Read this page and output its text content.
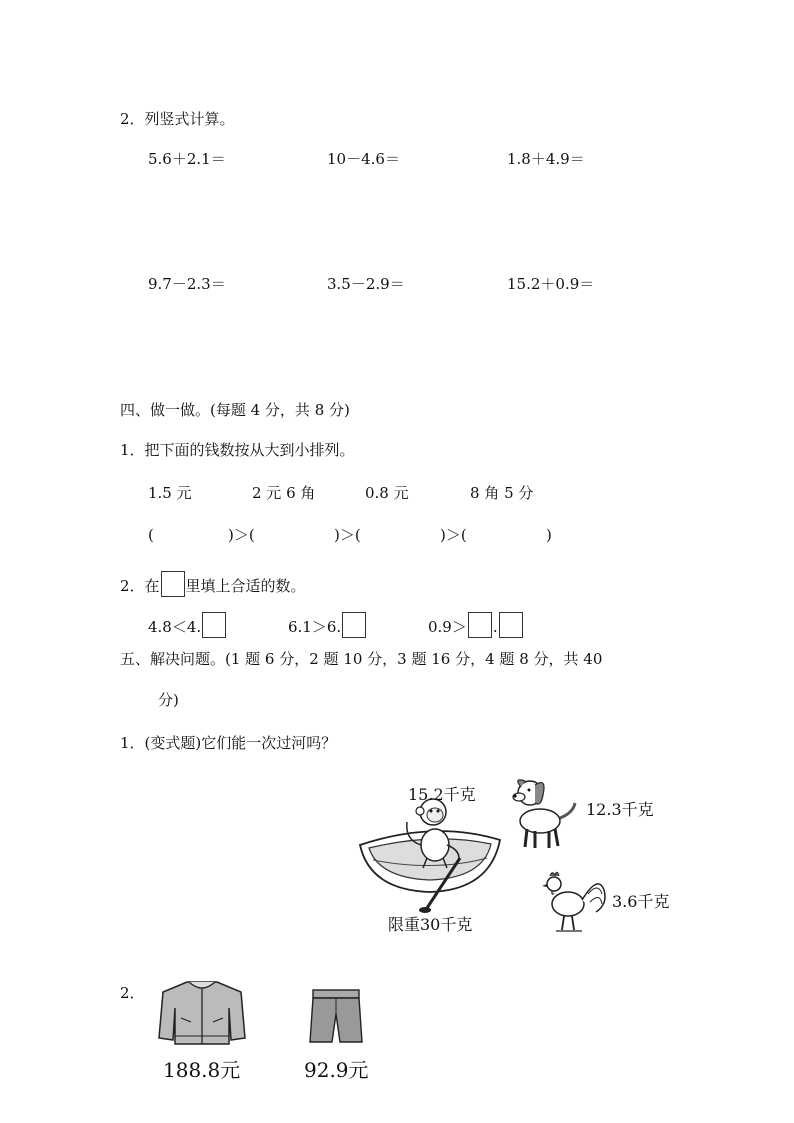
2．列竖式计算。
5.6＋2.1＝	10－4.6＝	1.8＋4.9＝
9.7－2.3＝	3.5－2.9＝	15.2＋0.9＝
四、做一做。(每题 4 分，共 8 分)
1．把下面的钱数按从大到小排列。
1.5 元	2 元 6 角	0.8 元	8 角 5 分
(	)＞(	)＞(	)＞(	)
2．在 里填上合适的数。
4.8＜4.	6.1＞6.	0.9＞ .
五、解决问题。(1 题 6 分，2 题 10 分，3 题 16 分，4 题 8 分，共 40
分)
1．(变式题)它们能一次过河吗？
15.2千克
限重30千克
12.3千克
3.6千克
2．
188.8元	92.9元
